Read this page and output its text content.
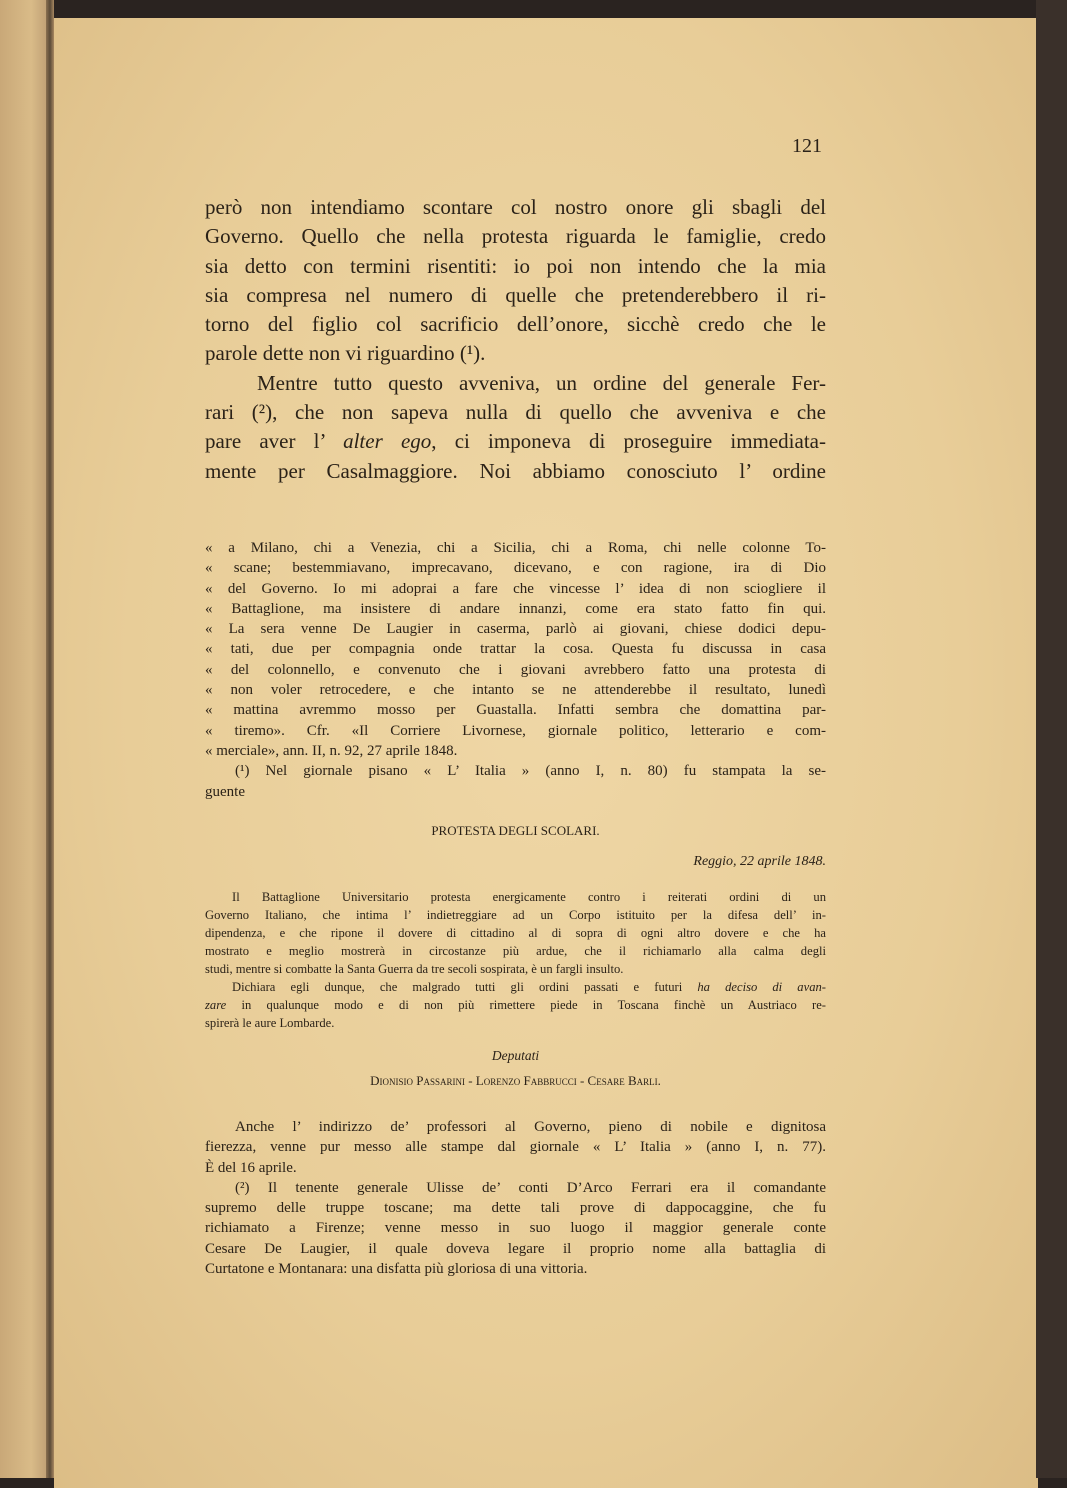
121
però non intendiamo scontare col nostro onore gli sbagli del
Governo. Quello che nella protesta riguarda le famiglie, credo
sia detto con termini risentiti: io poi non intendo che la mia
sia compresa nel numero di quelle che pretenderebbero il ri-
torno del figlio col sacrificio dell’onore, sicchè credo che le
parole dette non vi riguardino (¹).
Mentre tutto questo avveniva, un ordine del generale Fer-
rari (²), che non sapeva nulla di quello che avveniva e che
pare aver l’ alter ego, ci imponeva di proseguire immediata-
mente per Casalmaggiore. Noi abbiamo conosciuto l’ ordine
« a Milano, chi a Venezia, chi a Sicilia, chi a Roma, chi nelle colonne To-
« scane; bestemmiavano, imprecavano, dicevano, e con ragione, ira di Dio
« del Governo. Io mi adoprai a fare che vincesse l’ idea di non sciogliere il
« Battaglione, ma insistere di andare innanzi, come era stato fatto fin qui.
« La sera venne De Laugier in caserma, parlò ai giovani, chiese dodici depu-
« tati, due per compagnia onde trattar la cosa. Questa fu discussa in casa
« del colonnello, e convenuto che i giovani avrebbero fatto una protesta di
« non voler retrocedere, e che intanto se ne attenderebbe il resultato, lunedì
« mattina avremmo mosso per Guastalla. Infatti sembra che domattina par-
« tiremo». Cfr. «Il Corriere Livornese, giornale politico, letterario e com-
« merciale», ann. II, n. 92, 27 aprile 1848.
(¹) Nel giornale pisano « L’ Italia » (anno I, n. 80) fu stampata la se-
guente
PROTESTA DEGLI SCOLARI.
Reggio, 22 aprile 1848.
Il Battaglione Universitario protesta energicamente contro i reiterati ordini di un
Governo Italiano, che intima l’ indietreggiare ad un Corpo istituito per la difesa dell’ in-
dipendenza, e che ripone il dovere di cittadino al di sopra di ogni altro dovere e che ha
mostrato e meglio mostrerà in circostanze più ardue, che il richiamarlo alla calma degli
studi, mentre si combatte la Santa Guerra da tre secoli sospirata, è un fargli insulto.
Dichiara egli dunque, che malgrado tutti gli ordini passati e futuri ha deciso di avan-
zare in qualunque modo e di non più rimettere piede in Toscana finchè un Austriaco re-
spirerà le aure Lombarde.
Deputati
Dionisio Passarini - Lorenzo Fabbrucci - Cesare Barli.
Anche l’ indirizzo de’ professori al Governo, pieno di nobile e dignitosa
fierezza, venne pur messo alle stampe dal giornale « L’ Italia » (anno I, n. 77).
È del 16 aprile.
(²) Il tenente generale Ulisse de’ conti D’Arco Ferrari era il comandante
supremo delle truppe toscane; ma dette tali prove di dappocaggine, che fu
richiamato a Firenze; venne messo in suo luogo il maggior generale conte
Cesare De Laugier, il quale doveva legare il proprio nome alla battaglia di
Curtatone e Montanara: una disfatta più gloriosa di una vittoria.
